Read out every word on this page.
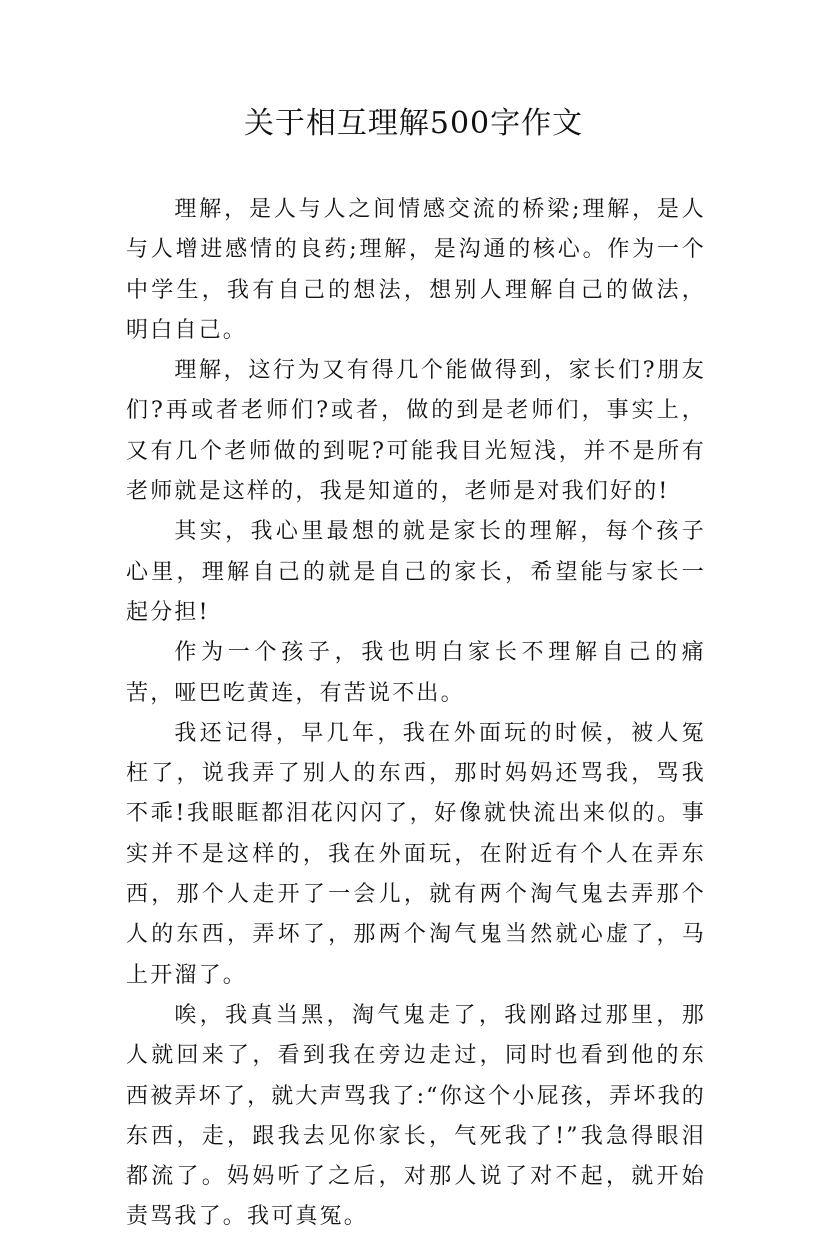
关于相互理解500字作文

理解，是人与人之间情感交流的桥梁;理解，是人与人增进感情的良药;理解，是沟通的核心。作为一个中学生，我有自己的想法，想别人理解自己的做法，明白自己。

理解，这行为又有得几个能做得到，家长们?朋友们?再或者老师们?或者，做的到是老师们，事实上，又有几个老师做的到呢?可能我目光短浅，并不是所有老师就是这样的，我是知道的，老师是对我们好的!

其实，我心里最想的就是家长的理解，每个孩子心里，理解自己的就是自己的家长，希望能与家长一起分担!

作为一个孩子，我也明白家长不理解自己的痛苦，哑巴吃黄连，有苦说不出。

我还记得，早几年，我在外面玩的时候，被人冤枉了，说我弄了别人的东西，那时妈妈还骂我，骂我不乖!我眼眶都泪花闪闪了，好像就快流出来似的。事实并不是这样的，我在外面玩，在附近有个人在弄东西，那个人走开了一会儿，就有两个淘气鬼去弄那个人的东西，弄坏了，那两个淘气鬼当然就心虚了，马上开溜了。

唉，我真当黑，淘气鬼走了，我刚路过那里，那人就回来了，看到我在旁边走过，同时也看到他的东西被弄坏了，就大声骂我了:“你这个小屁孩，弄坏我的东西，走，跟我去见你家长，气死我了!”我急得眼泪都流了。妈妈听了之后，对那人说了对不起，就开始责骂我了。我可真冤。
